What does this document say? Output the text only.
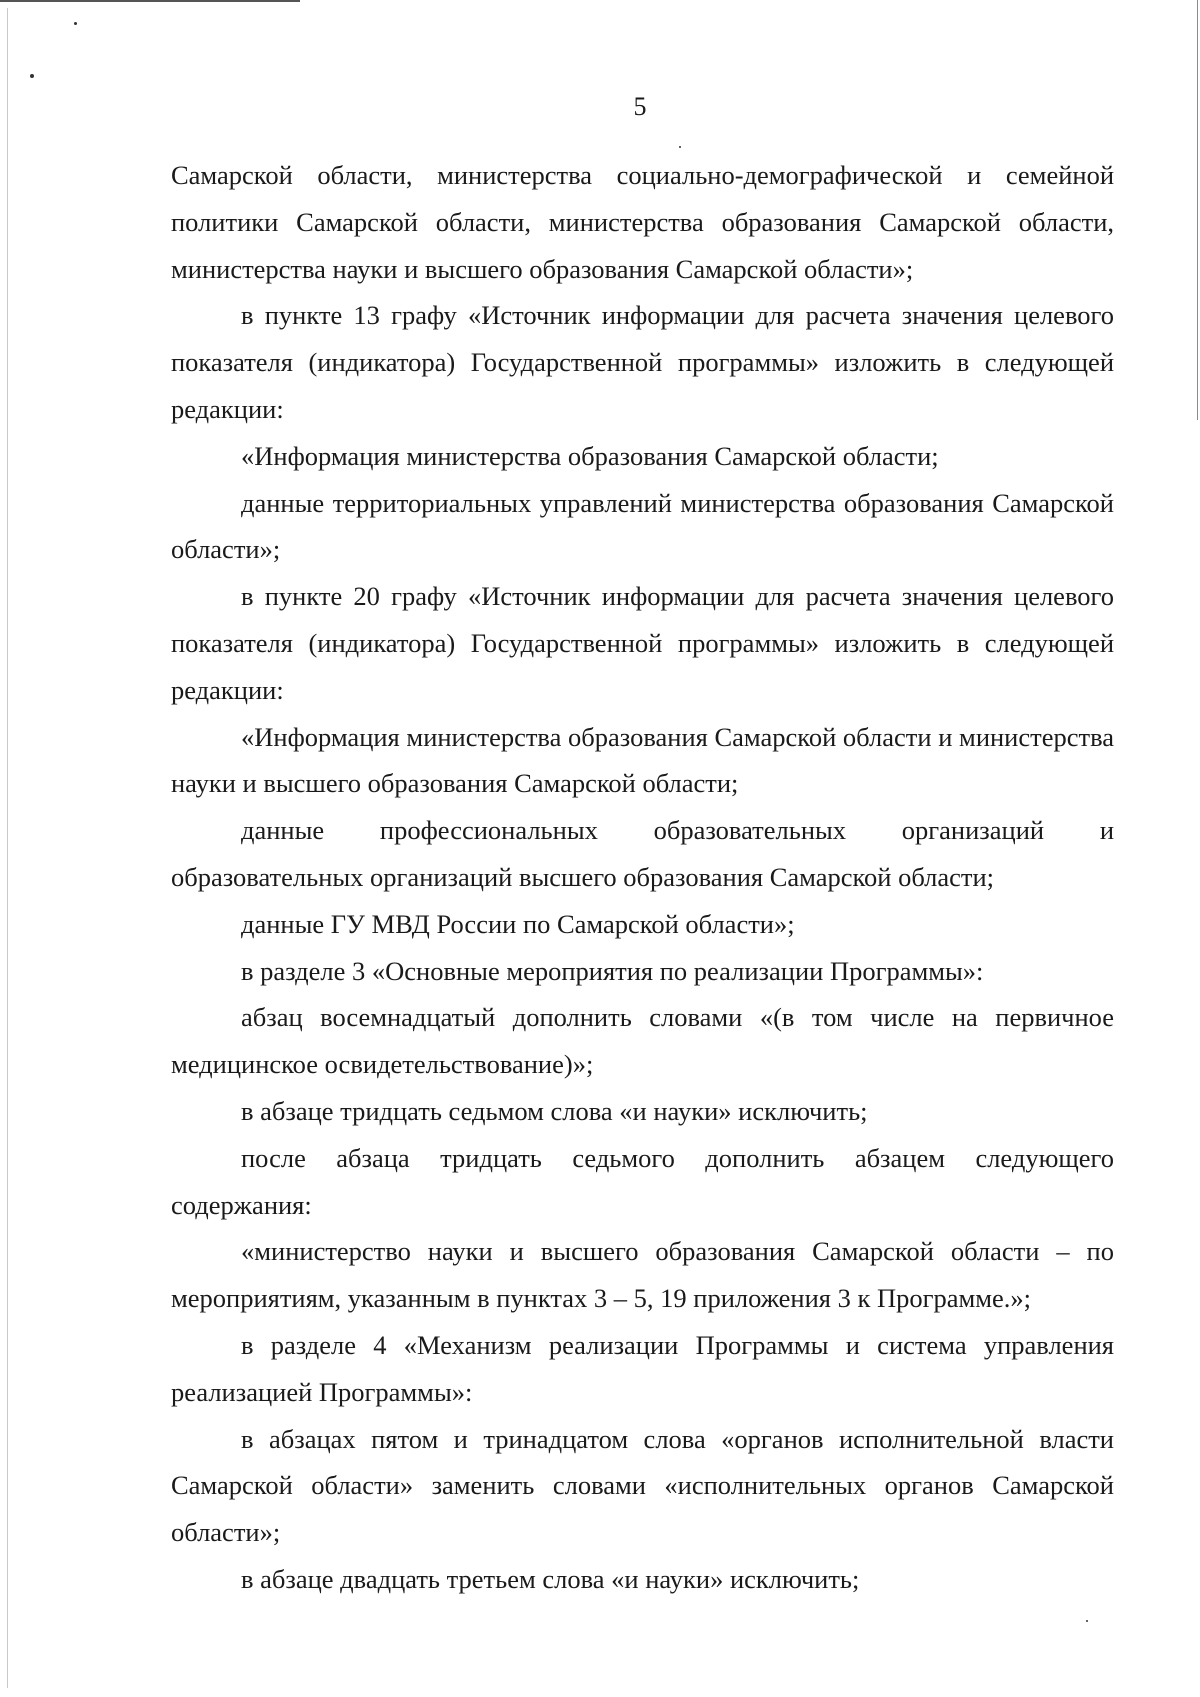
5

Самарской области, министерства социально-демографической и семейной политики Самарской области, министерства образования Самарской области, министерства науки и высшего образования Самарской области»;

в пункте 13 графу «Источник информации для расчета значения целевого показателя (индикатора) Государственной программы» изложить в следующей редакции:

«Информация министерства образования Самарской области;

данные территориальных управлений министерства образования Самарской области»;

в пункте 20 графу «Источник информации для расчета значения целевого показателя (индикатора) Государственной программы» изложить в следующей редакции:

«Информация министерства образования Самарской области и министерства науки и высшего образования Самарской области;

данные профессиональных образовательных организаций и образовательных организаций высшего образования Самарской области;

данные ГУ МВД России по Самарской области»;

в разделе 3 «Основные мероприятия по реализации Программы»:

абзац восемнадцатый дополнить словами «(в том числе на первичное медицинское освидетельствование)»;

в абзаце тридцать седьмом слова «и науки» исключить;

после абзаца тридцать седьмого дополнить абзацем следующего содержания:

«министерство науки и высшего образования Самарской области – по мероприятиям, указанным в пунктах 3 – 5, 19 приложения 3 к Программе.»;

в разделе 4 «Механизм реализации Программы и система управления реализацией Программы»:

в абзацах пятом и тринадцатом слова «органов исполнительной власти Самарской области» заменить словами «исполнительных органов Самарской области»;

в абзаце двадцать третьем слова «и науки» исключить;
